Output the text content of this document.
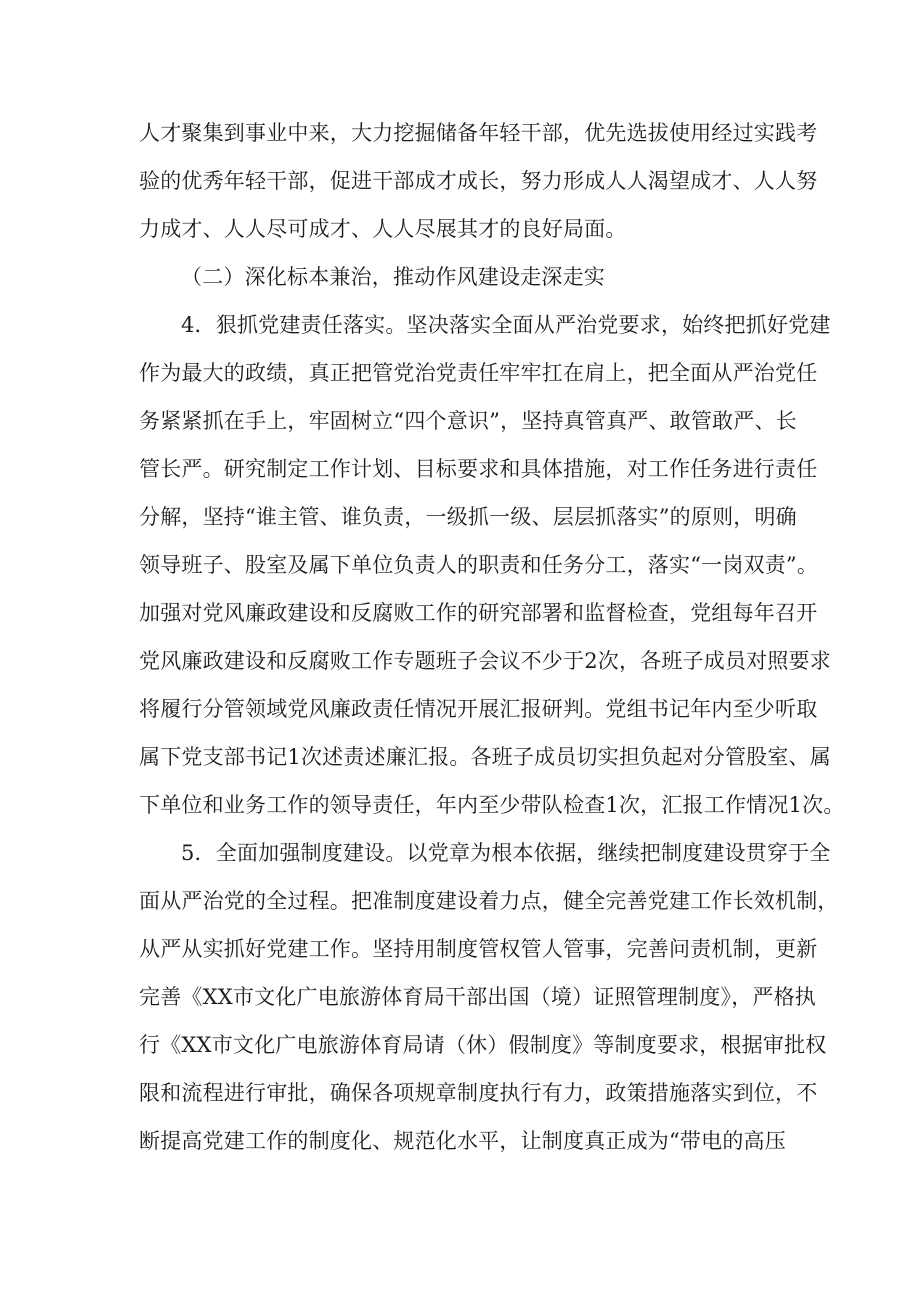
人才聚集到事业中来，大力挖掘储备年轻干部，优先选拔使用经过实践考
验的优秀年轻干部，促进干部成才成长，努力形成人人渴望成才、人人努
力成才、人人尽可成才、人人尽展其才的良好局面。
（二）深化标本兼治，推动作风建设走深走实
4．狠抓党建责任落实。坚决落实全面从严治党要求，始终把抓好党建
作为最大的政绩，真正把管党治党责任牢牢扛在肩上，把全面从严治党任
务紧紧抓在手上，牢固树立“四个意识”，坚持真管真严、敢管敢严、长
管长严。研究制定工作计划、目标要求和具体措施，对工作任务进行责任
分解，坚持“谁主管、谁负责，一级抓一级、层层抓落实”的原则，明确
领导班子、股室及属下单位负责人的职责和任务分工，落实“一岗双责”。
加强对党风廉政建设和反腐败工作的研究部署和监督检查，党组每年召开
党风廉政建设和反腐败工作专题班子会议不少于2次，各班子成员对照要求
将履行分管领域党风廉政责任情况开展汇报研判。党组书记年内至少听取
属下党支部书记1次述责述廉汇报。各班子成员切实担负起对分管股室、属
下单位和业务工作的领导责任，年内至少带队检查1次，汇报工作情况1次。
5．全面加强制度建设。以党章为根本依据，继续把制度建设贯穿于全
面从严治党的全过程。把准制度建设着力点，健全完善党建工作长效机制，
从严从实抓好党建工作。坚持用制度管权管人管事，完善问责机制，更新
完善《XX市文化广电旅游体育局干部出国（境）证照管理制度》，严格执
行《XX市文化广电旅游体育局请（休）假制度》等制度要求，根据审批权
限和流程进行审批，确保各项规章制度执行有力，政策措施落实到位，不
断提高党建工作的制度化、规范化水平，让制度真正成为“带电的高压
